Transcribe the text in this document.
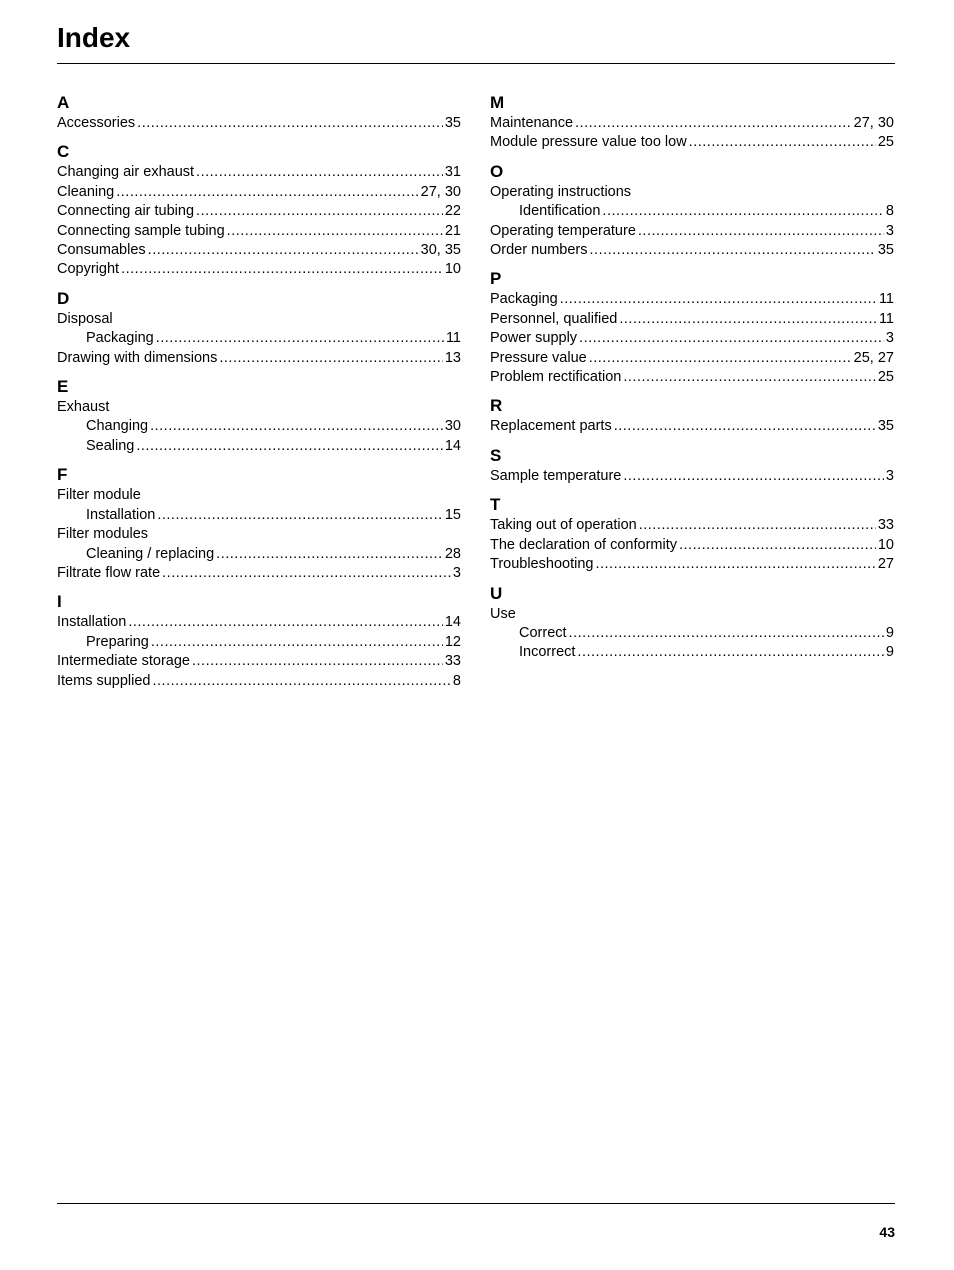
Index
A
Accessories .....	35
C
Changing air exhaust .....	31
Cleaning .....	27, 30
Connecting air tubing .....	22
Connecting sample tubing .....	21
Consumables .....	30, 35
Copyright .....	10
D
Disposal
Packaging .....	11
Drawing with dimensions .....	13
E
Exhaust
Changing .....	30
Sealing .....	14
F
Filter module
Installation .....	15
Filter modules
Cleaning / replacing .....	28
Filtrate flow rate .....	3
I
Installation .....	14
Preparing .....	12
Intermediate storage .....	33
Items supplied .....	8
M
Maintenance .....	27, 30
Module pressure value too low .....	25
O
Operating instructions
Identification .....	8
Operating temperature .....	3
Order numbers .....	35
P
Packaging .....	11
Personnel, qualified .....	11
Power supply .....	3
Pressure value .....	25, 27
Problem rectification .....	25
R
Replacement parts .....	35
S
Sample temperature .....	3
T
Taking out of operation .....	33
The declaration of conformity .....	10
Troubleshooting .....	27
U
Use
Correct .....	9
Incorrect .....	9
43
